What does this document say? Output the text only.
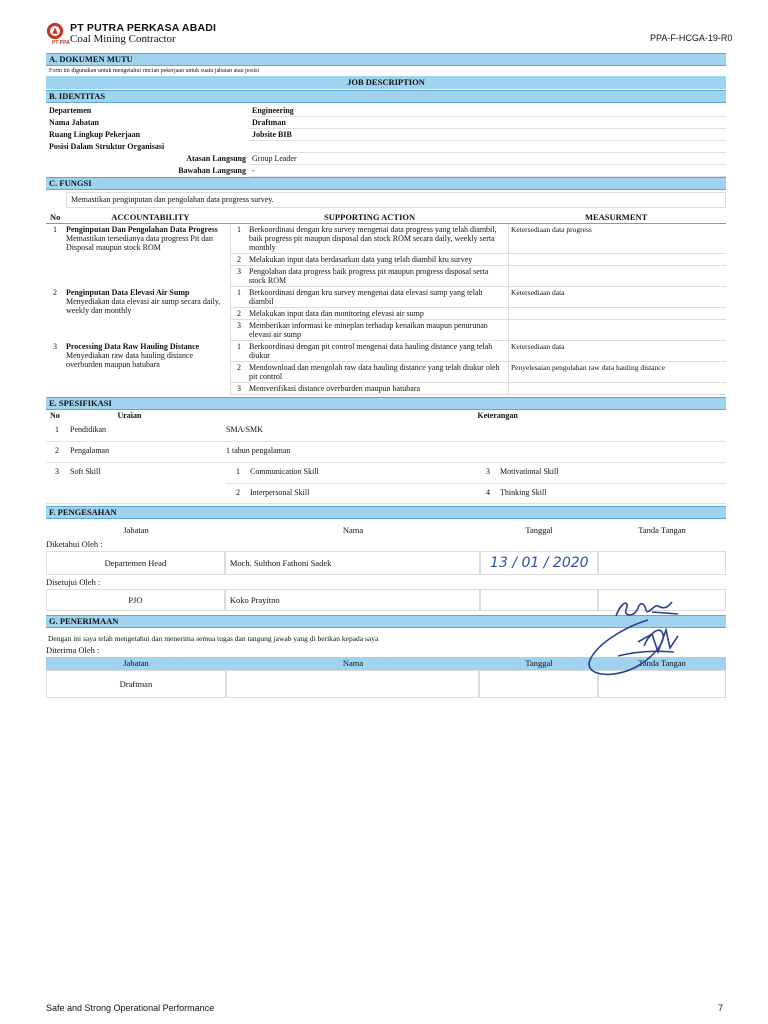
PT PPA
PT PUTRA PERKASA ABADI
Coal Mining Contractor	PPA-F-HCGA-19-R0
A. DOKUMEN MUTU
Form ini digunakan untuk mengetahui rincian pekerjaan untuk suatu jabatan atau posisi
JOB DESCRIPTION
B. IDENTITAS
Departemen	Engineering
Nama Jabatan	Draftman
Ruang Lingkup Pekerjaan	Jobsite BIB
Posisi Dalam Struktur Organisasi
Atasan Langsung Group Leader
Bawahan Langsung -
C. FUNGSI
Memastikan penginputan dan pengolahan data progress survey.
No	ACCOUNTABILITY	SUPPORTING ACTION	MEASURMENT
1	Penginputan Dan Pengolahan Data Progress
Memastikan tersedianya data progress Pit dan Disposal maupun stock ROM	1	Berkoordinasi dengan kru survey mengenai data progress yang telah diambil, baik progress pit maupun disposal dan stock ROM secara daily, weekly serta monthly	Ketersediaan data progress
		2	Melakukan input data berdasarkan data yang telah diambil kru survey	
		3	Pengolahan data progress baik progress pit maupun progress disposal serta stock ROM	
2	Penginputan Data Elevasi Air Sump
Menyediakan data elevasi air sump secara daily, weekly dan monthly	1	Berkoordinasi dengan kru survey mengenai data elevasi sump yang telah diambil	Ketersediaan data
		2	Melakukan input data dan monitoring elevasi air sump	
		3	Memberikan informasi ke mineplan terhadap kenaikan maupun penurunan elevasi air sump	
3	Processing Data Raw Hauling Distance
Menyediakan raw data hauling distance overburden maupun batubara	1	Berkoordinasi dengan pit control mengenai data hauling distance yang telah diukur	Ketersediaan data
		2	Mendownload dan mengolah raw data hauling distance yang telah diukur oleh pit control	Penyelesaian pengolahan raw data hauling distance
		3	Memverifikasi distance overburden maupun batubara	
E. SPESIFIKASI
No	Uraian	Keterangan
1	Pendidikan	SMA/SMK
2	Pengalaman	1 tahun pengalaman
3	Soft Skill	1	Communication Skill	3	Motivational Skill
2	Interpersonal Skill	4	Thinking Skill
F. PENGESAHAN
Jabatan	Nama	Tanggal	Tanda Tangan
Diketahui Oleh :
Departemen Head	Moch. Sulthon Fathoni Sadek	13 / 01 / 2020
Disetujui Oleh :
PJO	Koko Prayitno
G. PENERIMAAN
Dengan ini saya telah mengetahui dan menerima semua tugas dan tangung jawab yang di berikan kepada saya
Diterima Oleh :
Jabatan	Nama	Tanggal	Tanda Tangan
Draftman
Safe and Strong Operational Performance	7
